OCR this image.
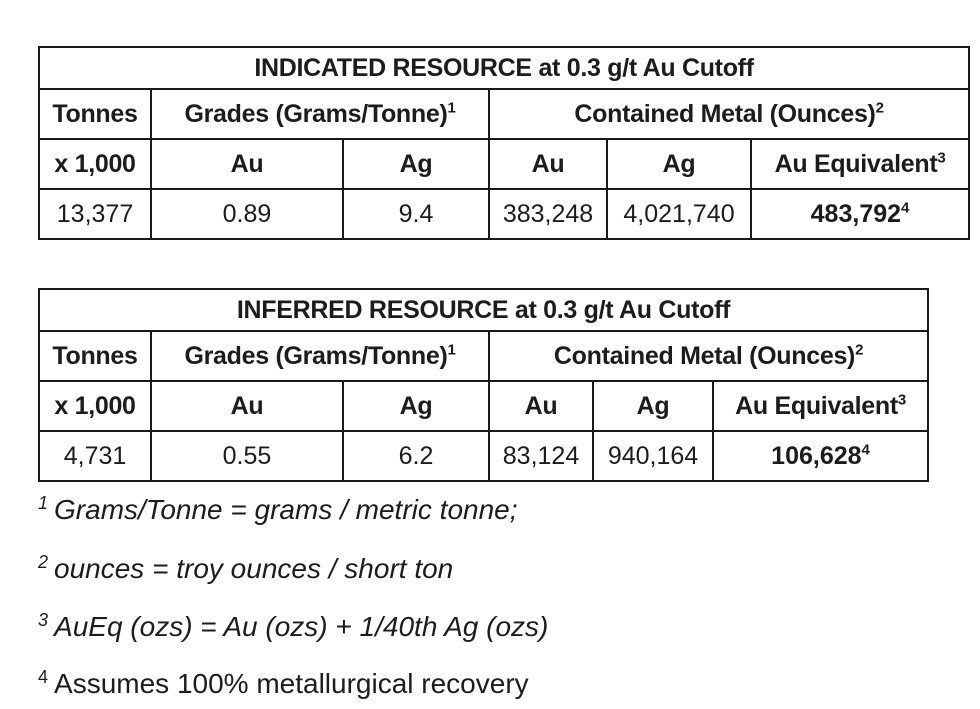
INDICATED RESOURCE at 0.3 g/t Au Cutoff					
Tonnes	Grades (Grams/Tonne)$^1$		Contained Metal (Ounces)$^2$
x 1,000	Au	Ag	Au	Ag	Au Equivalent$^3$
13,377	0.89	9.4	383,248	4,021,740	483,792$^4$
INFERRED RESOURCE at 0.3 g/t Au Cutoff					
Tonnes	Grades (Grams/Tonne)$^1$		Contained Metal (Ounces)$^2$
x 1,000	Au	Ag	Au	Ag	Au Equivalent$^3$
4,731	0.55	6.2	83,124	940,164	106,628$^4$
$^1$ Grams/Tonne = grams / metric tonne;
$^2$ ounces = troy ounces / short ton
$^3$ AuEq (ozs) = Au (ozs) + 1/40th Ag (ozs)
$^4$ Assumes 100% metallurgical recovery
